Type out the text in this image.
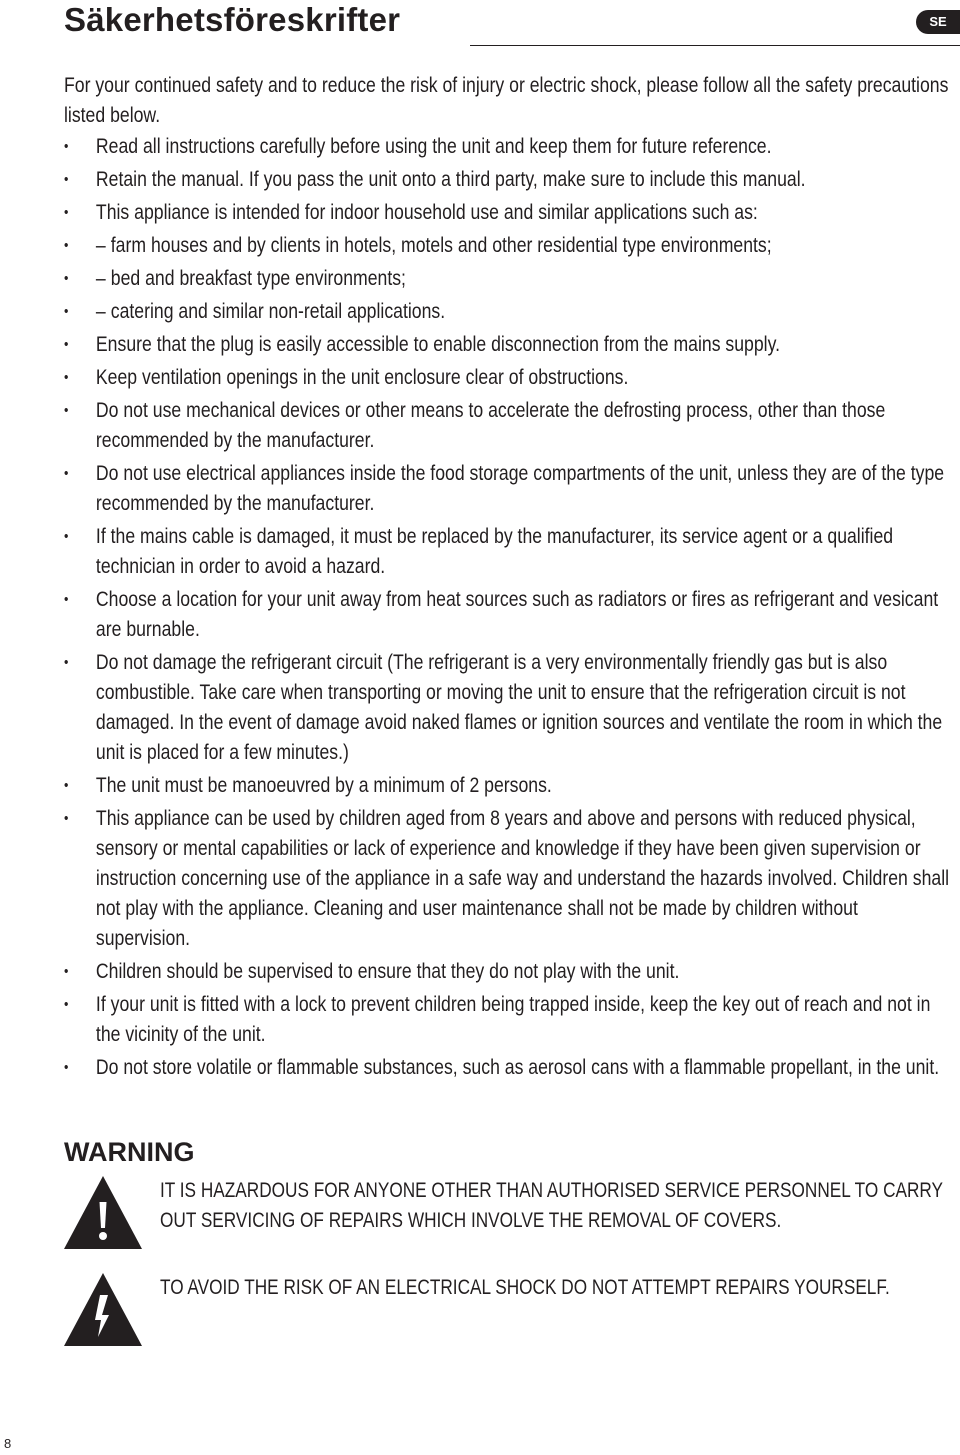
Säkerhetsföreskrifter	SE

For your continued safety and to reduce the risk of injury or electric shock, please follow all the safety precautions listed below.

• Read all instructions carefully before using the unit and keep them for future reference.
• Retain the manual. If you pass the unit onto a third party, make sure to include this manual.
• This appliance is intended for indoor household use and similar applications such as:
• – farm houses and by clients in hotels, motels and other residential type environments;
• – bed and breakfast type environments;
• – catering and similar non-retail applications.
• Ensure that the plug is easily accessible to enable disconnection from the mains supply.
• Keep ventilation openings in the unit enclosure clear of obstructions.
• Do not use mechanical devices or other means to accelerate the defrosting process, other than those recommended by the manufacturer.
• Do not use electrical appliances inside the food storage compartments of the unit, unless they are of the type recommended by the manufacturer.
• If the mains cable is damaged, it must be replaced by the manufacturer, its service agent or a qualified technician in order to avoid a hazard.
• Choose a location for your unit away from heat sources such as radiators or fires as refrigerant and vesicant are burnable.
• Do not damage the refrigerant circuit (The refrigerant is a very environmentally friendly gas but is also combustible. Take care when transporting or moving the unit to ensure that the refrigeration circuit is not damaged. In the event of damage avoid naked flames or ignition sources and ventilate the room in which the unit is placed for a few minutes.)
• The unit must be manoeuvred by a minimum of 2 persons.
• This appliance can be used by children aged from 8 years and above and persons with reduced physical, sensory or mental capabilities or lack of experience and knowledge if they have been given supervision or instruction concerning use of the appliance in a safe way and understand the hazards involved. Children shall not play with the appliance. Cleaning and user maintenance shall not be made by children without supervision.
• Children should be supervised to ensure that they do not play with the unit.
• If your unit is fitted with a lock to prevent children being trapped inside, keep the key out of reach and not in the vicinity of the unit.
• Do not store volatile or flammable substances, such as aerosol cans with a flammable propellant, in the unit.
WARNING
IT IS HAZARDOUS FOR ANYONE OTHER THAN AUTHORISED SERVICE PERSONNEL TO CARRY OUT SERVICING OF REPAIRS WHICH INVOLVE THE REMOVAL OF COVERS.
TO AVOID THE RISK OF AN ELECTRICAL SHOCK DO NOT ATTEMPT REPAIRS YOURSELF.
8
